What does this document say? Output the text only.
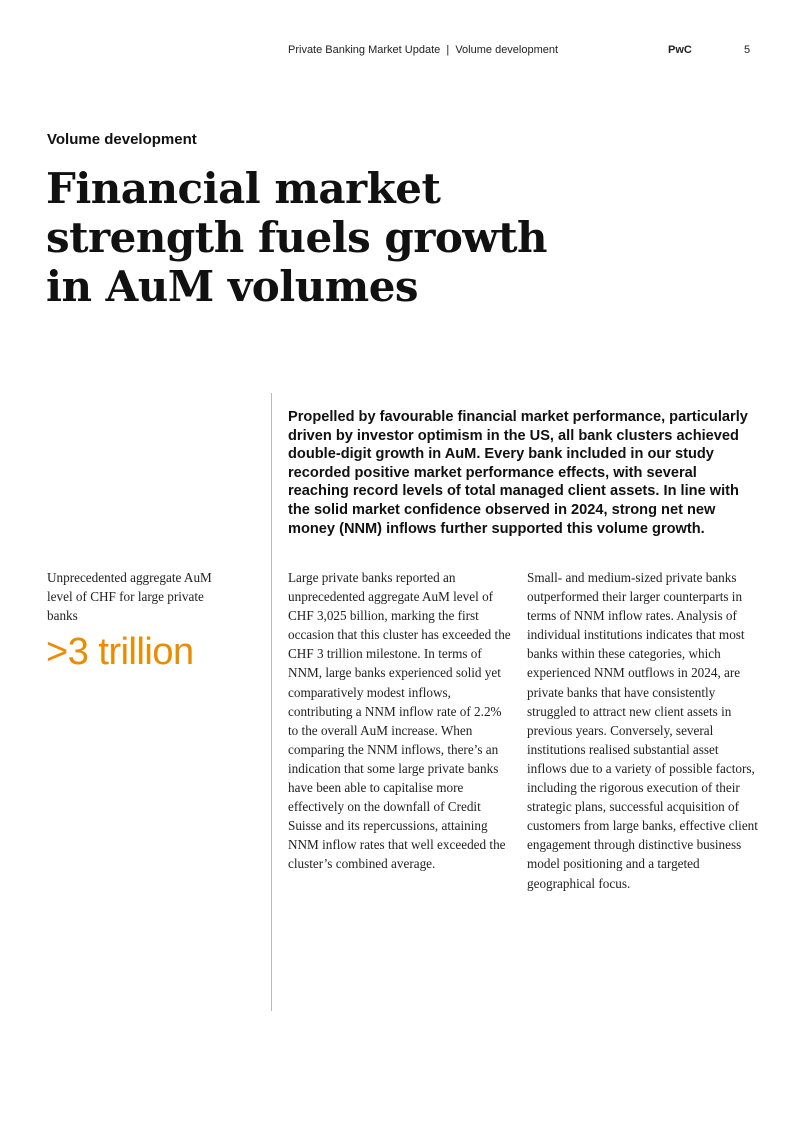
Private Banking Market Update  |  Volume development	PwC	5
Volume development
Financial market strength fuels growth in AuM volumes

Propelled by favourable financial market performance, particularly driven by investor optimism in the US, all bank clusters achieved double-digit growth in AuM. Every bank included in our study recorded positive market performance effects, with several reaching record levels of total managed client assets. In line with the solid market confidence observed in 2024, strong net new money (NNM) inflows further supported this volume growth.

Unprecedented aggregate AuM level of CHF for large private banks

>3 trillion

Large private banks reported an unprecedented aggregate AuM level of CHF 3,025 billion, marking the first occasion that this cluster has exceeded the CHF 3 trillion milestone. In terms of NNM, large banks experienced solid yet comparatively modest inflows, contributing a NNM inflow rate of 2.2% to the overall AuM increase. When comparing the NNM inflows, there’s an indication that some large private banks have been able to capitalise more effectively on the downfall of Credit Suisse and its repercussions, attaining NNM inflow rates that well exceeded the cluster’s combined average.

Small- and medium-sized private banks outperformed their larger counterparts in terms of NNM inflow rates. Analysis of individual institutions indicates that most banks within these categories, which experienced NNM outflows in 2024, are private banks that have consistently struggled to attract new client assets in previous years. Conversely, several institutions realised substantial asset inflows due to a variety of possible factors, including the rigorous execution of their strategic plans, successful acquisition of customers from large banks, effective client engagement through distinctive business model positioning and a targeted geographical focus.
